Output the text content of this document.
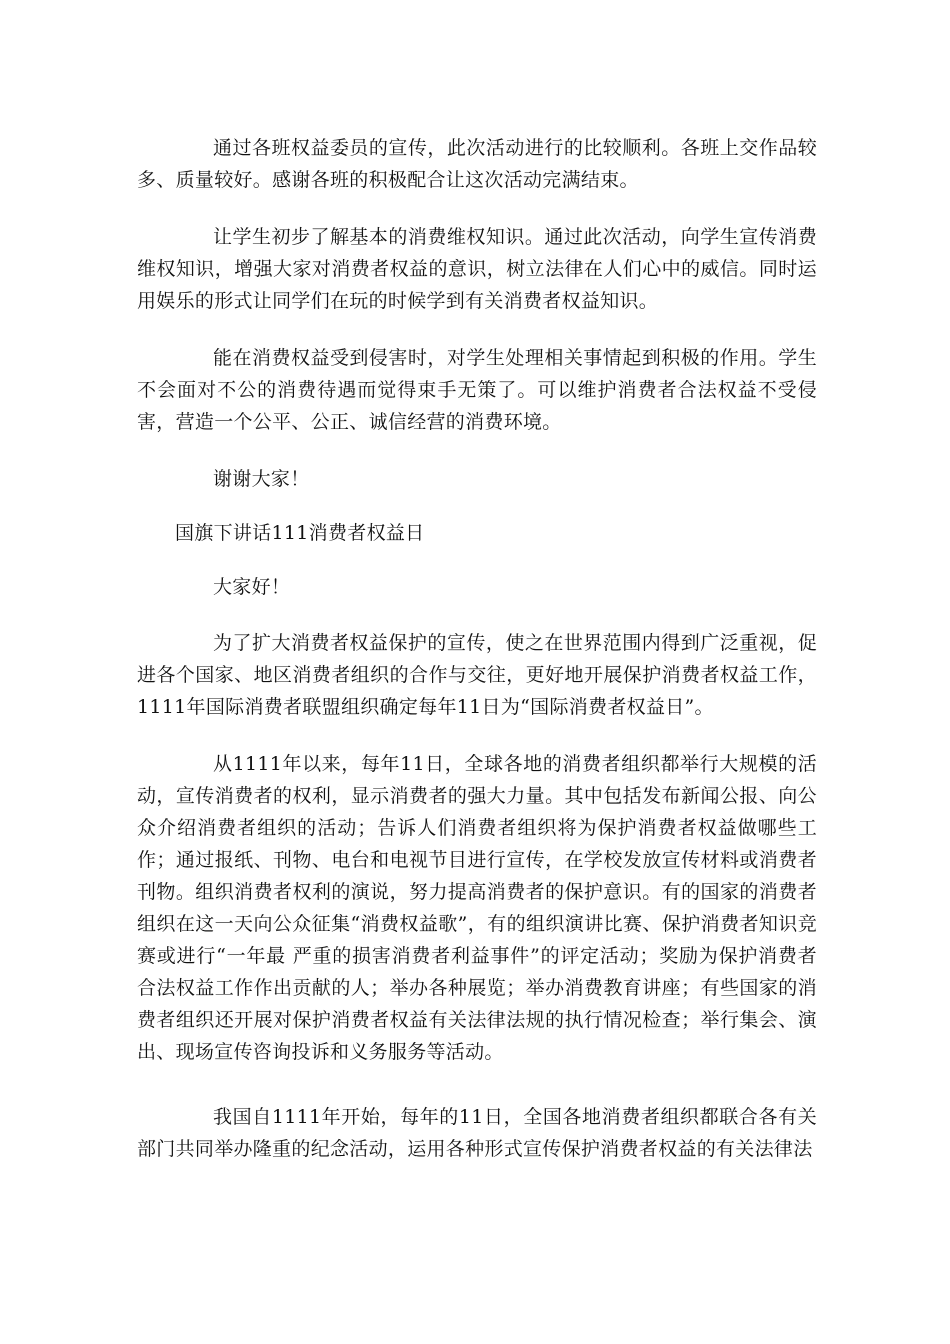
通过各班权益委员的宣传，此次活动进行的比较顺利。各班上交作品较多、质量较好。感谢各班的积极配合让这次活动完满结束。

让学生初步了解基本的消费维权知识。通过此次活动，向学生宣传消费维权知识，增强大家对消费者权益的意识，树立法律在人们心中的威信。同时运用娱乐的形式让同学们在玩的时候学到有关消费者权益知识。

能在消费权益受到侵害时，对学生处理相关事情起到积极的作用。学生不会面对不公的消费待遇而觉得束手无策了。可以维护消费者合法权益不受侵害，营造一个公平、公正、诚信经营的消费环境。

谢谢大家！

国旗下讲话111消费者权益日

大家好！

为了扩大消费者权益保护的宣传，使之在世界范围内得到广泛重视，促进各个国家、地区消费者组织的合作与交往，更好地开展保护消费者权益工作，1111年国际消费者联盟组织确定每年11日为“国际消费者权益日”。

从1111年以来，每年11日，全球各地的消费者组织都举行大规模的活动，宣传消费者的权利，显示消费者的强大力量。其中包括发布新闻公报、向公众介绍消费者组织的活动；告诉人们消费者组织将为保护消费者权益做哪些工作；通过报纸、刊物、电台和电视节目进行宣传，在学校发放宣传材料或消费者刊物。组织消费者权利的演说，努力提高消费者的保护意识。有的国家的消费者组织在这一天向公众征集“消费权益歌”，有的组织演讲比赛、保护消费者知识竞赛或进行“一年最 严重的损害消费者利益事件”的评定活动；奖励为保护消费者合法权益工作作出贡献的人；举办各种展览；举办消费教育讲座；有些国家的消费者组织还开展对保护消费者权益有关法律法规的执行情况检查；举行集会、演出、现场宣传咨询投诉和义务服务等活动。

我国自1111年开始，每年的11日，全国各地消费者组织都联合各有关部门共同举办隆重的纪念活动，运用各种形式宣传保护消费者权益的有关法律法
